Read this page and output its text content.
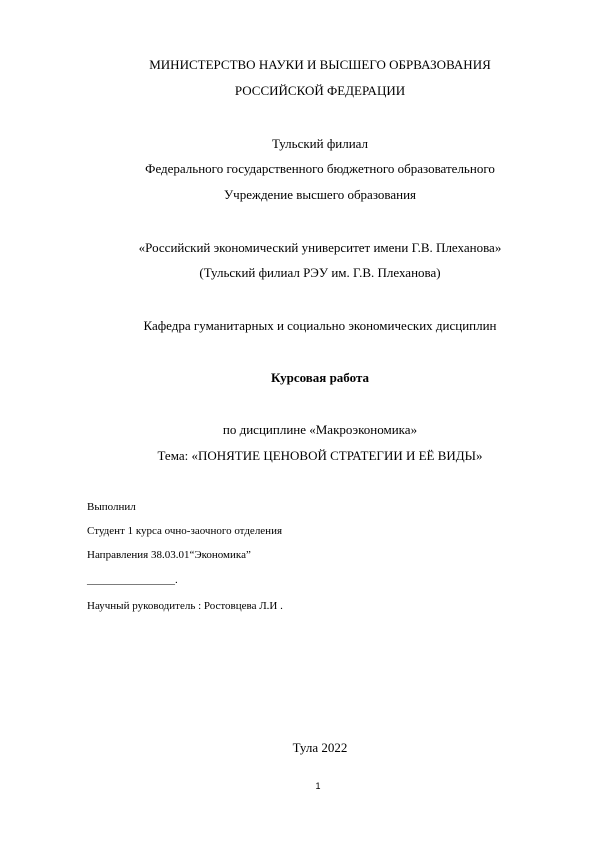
МИНИСТЕРСТВО НАУКИ И ВЫСШЕГО ОБРВАЗОВАНИЯ
РОССИЙСКОЙ ФЕДЕРАЦИИ
Тульский филиал
Федерального государственного бюджетного образовательного
Учреждение высшего образования
«Российский экономический университет имени Г.В. Плеханова»
(Тульский филиал РЭУ им. Г.В. Плеханова)
Кафедра гуманитарных и социально экономических дисциплин
Курсовая работа
по дисциплине «Макроэкономика»
Тема: «ПОНЯТИЕ ЦЕНОВОЙ СТРАТЕГИИ И ЕЁ ВИДЫ»
Выполнил
Студент 1 курса очно-заочного отделения
Направления 38.03.01“Экономика”
________________.
Научный руководитель : Ростовцева Л.И .
Тула 2022
1
